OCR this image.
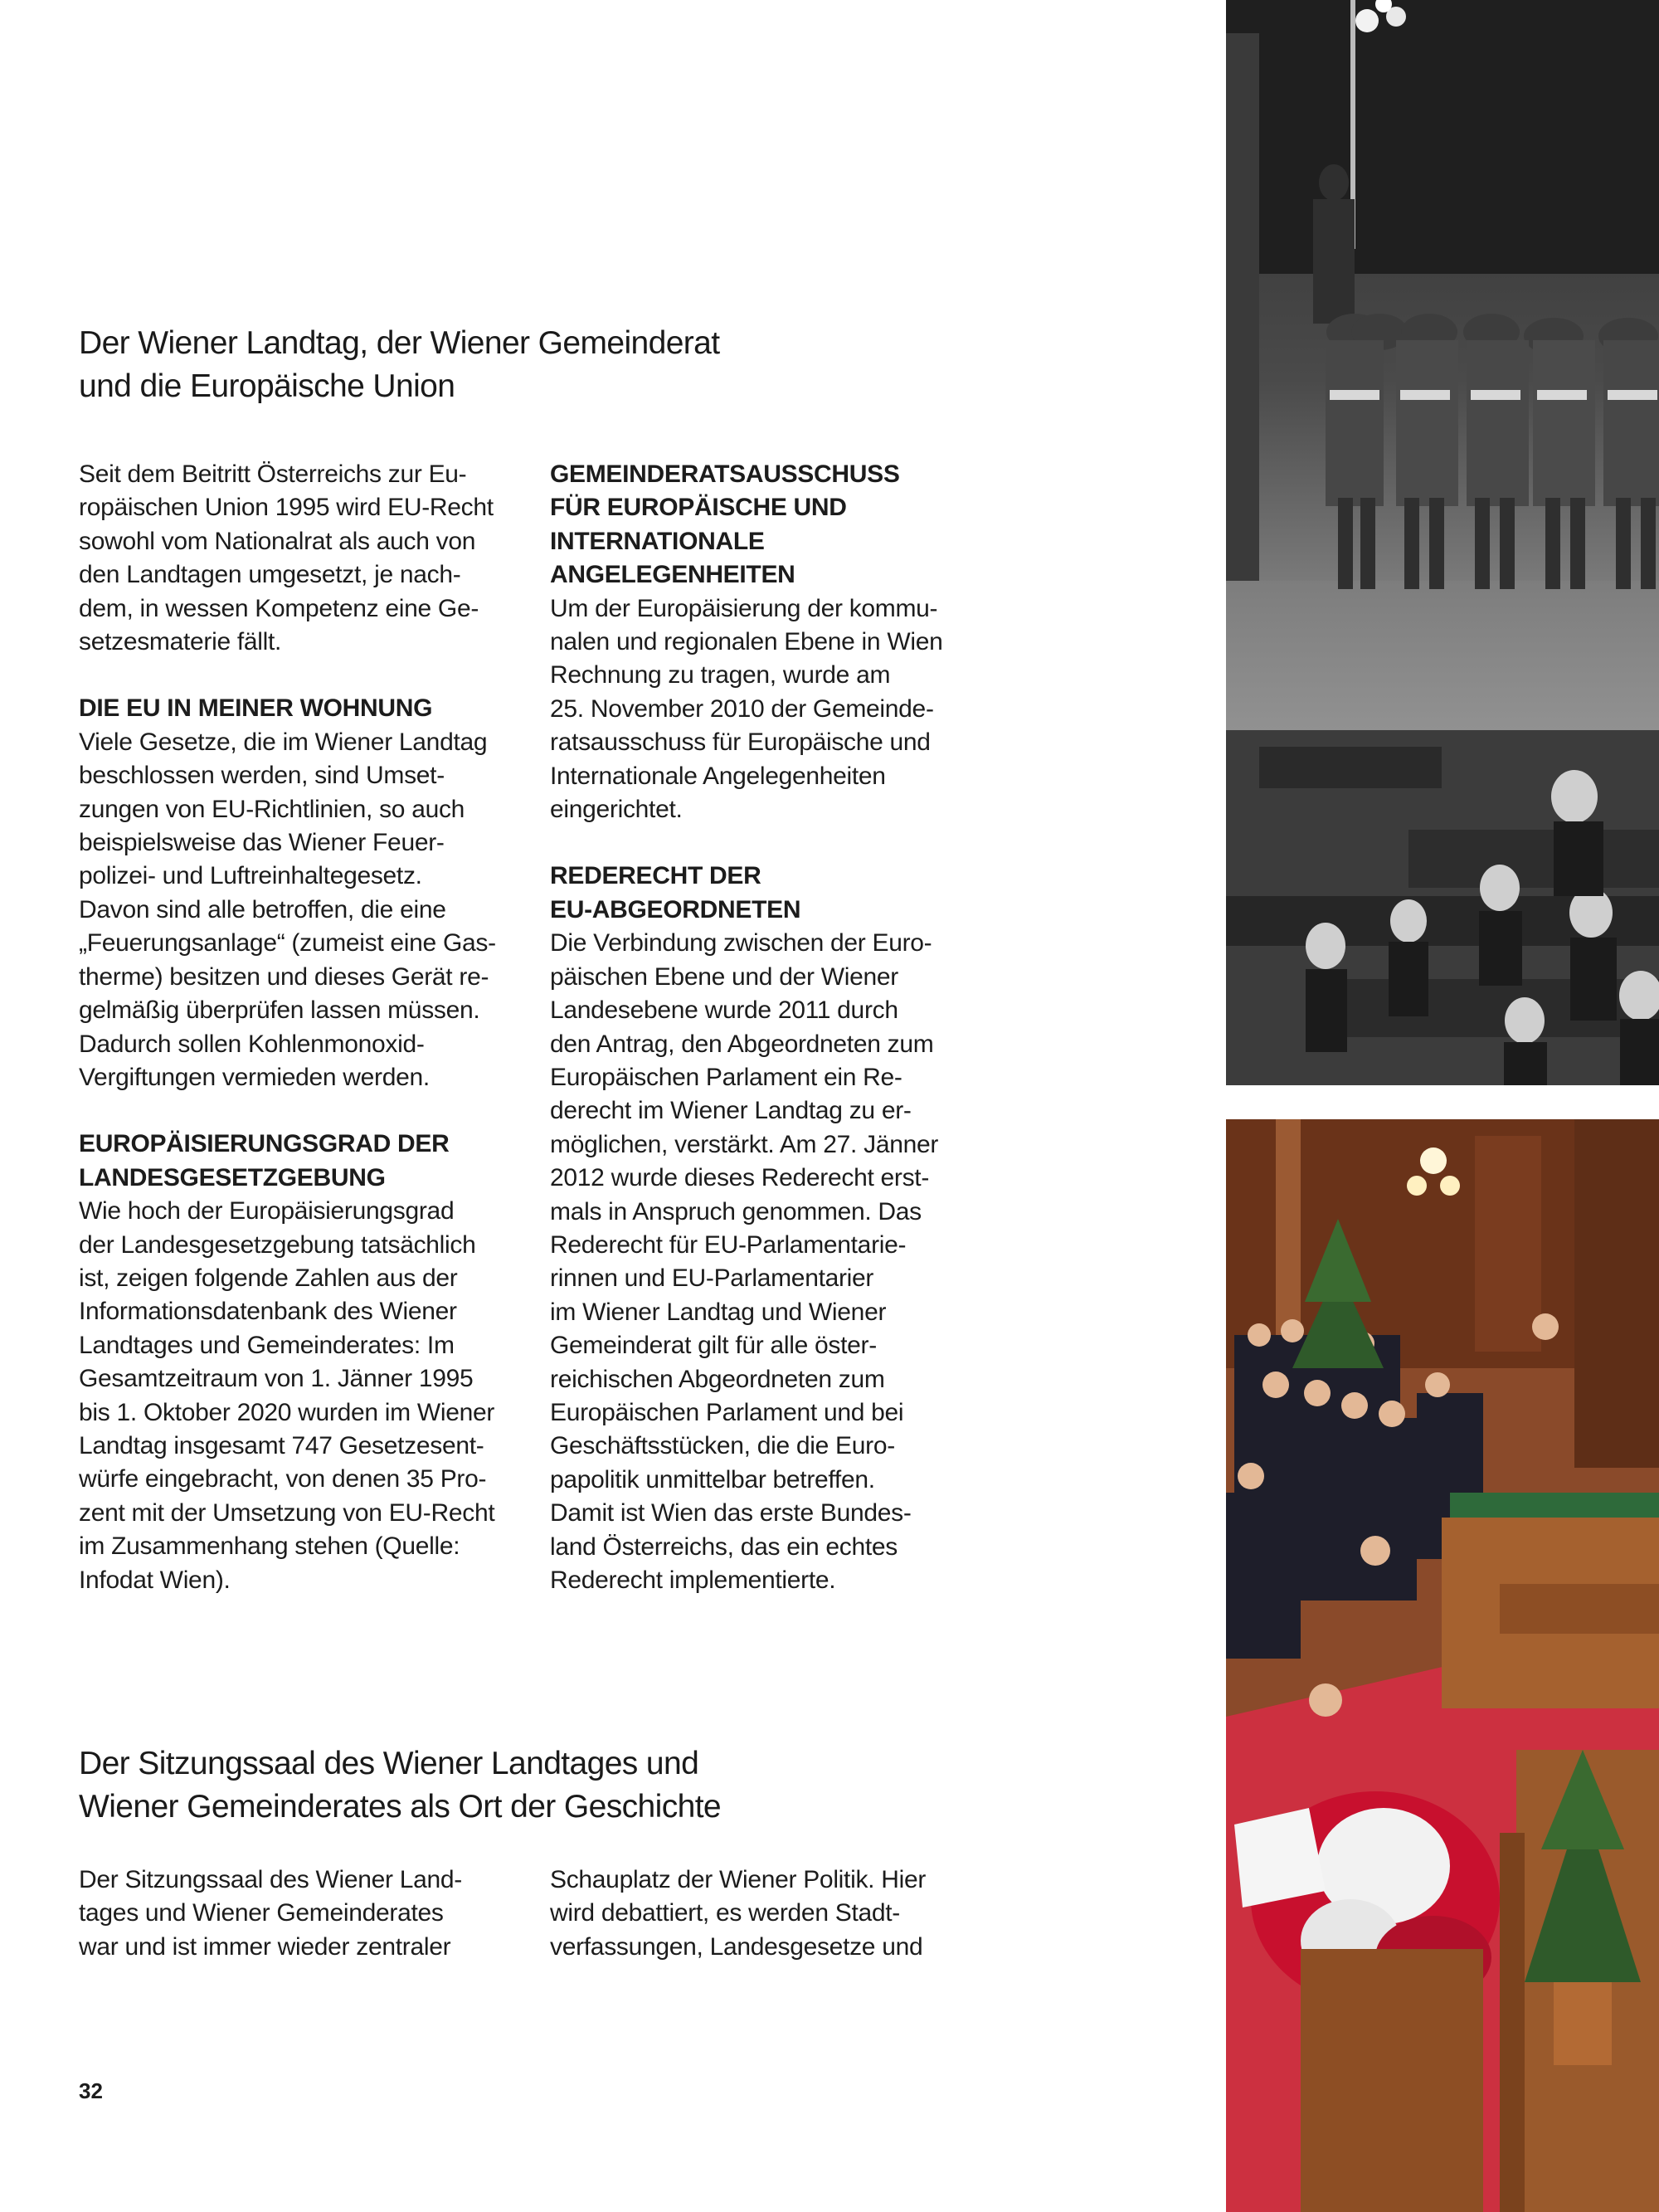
Der Wiener Landtag, der Wiener Gemeinderat
und die Europäische Union

Seit dem Beitritt Österreichs zur Eu-
ropäischen Union 1995 wird EU-Recht
sowohl vom Nationalrat als auch von
den Landtagen umgesetzt, je nach-
dem, in wessen Kompetenz eine Ge-
setzesmaterie fällt.

DIE EU IN MEINER WOHNUNG

Viele Gesetze, die im Wiener Landtag
beschlossen werden, sind Umset-
zungen von EU-Richtlinien, so auch
beispielsweise das Wiener Feuer-
polizei- und Luftreinhaltegesetz.
Davon sind alle betroffen, die eine
„Feuerungsanlage“ (zumeist eine Gas-
therme) besitzen und dieses Gerät re-
gelmäßig überprüfen lassen müssen.
Dadurch sollen Kohlenmonoxid-
Vergiftungen vermieden werden.

EUROPÄISIERUNGSGRAD DER
LANDESGESETZGEBUNG

Wie hoch der Europäisierungsgrad
der Landesgesetzgebung tatsächlich
ist, zeigen folgende Zahlen aus der
Informationsdatenbank des Wiener
Landtages und Gemeinderates: Im
Gesamtzeitraum von 1. Jänner 1995
bis 1. Oktober 2020 wurden im Wiener
Landtag insgesamt 747 Gesetzesent-
würfe eingebracht, von denen 35 Pro-
zent mit der Umsetzung von EU-Recht
im Zusammenhang stehen (Quelle:
Infodat Wien).

GEMEINDERATSAUSSCHUSS
FÜR EUROPÄISCHE UND
INTERNATIONALE
ANGELEGENHEITEN

Um der Europäisierung der kommu-
nalen und regionalen Ebene in Wien
Rechnung zu tragen, wurde am
25. November 2010 der Gemeinde-
ratsausschuss für Europäische und
Internationale Angelegenheiten
eingerichtet.

REDERECHT DER
EU-ABGEORDNETEN

Die Verbindung zwischen der Euro-
päischen Ebene und der Wiener
Landesebene wurde 2011 durch
den Antrag, den Abgeordneten zum
Europäischen Parlament ein Re-
derecht im Wiener Landtag zu er-
möglichen, verstärkt. Am 27. Jänner
2012 wurde dieses Rederecht erst-
mals in Anspruch genommen. Das
Rederecht für EU-Parlamentarie-
rinnen und EU-Parlamentarier
im Wiener Landtag und Wiener
Gemeinderat gilt für alle öster-
reichischen Abgeordneten zum
Europäischen Parlament und bei
Geschäftsstücken, die die Euro-
papolitik unmittelbar betreffen.
Damit ist Wien das erste Bundes-
land Österreichs, das ein echtes
Rederecht implementierte.

Der Sitzungssaal des Wiener Landtages und
Wiener Gemeinderates als Ort der Geschichte

Der Sitzungssaal des Wiener Land-
tages und Wiener Gemeinderates
war und ist immer wieder zentraler

Schauplatz der Wiener Politik. Hier
wird debattiert, es werden Stadt-
verfassungen, Landesgesetze und

32
